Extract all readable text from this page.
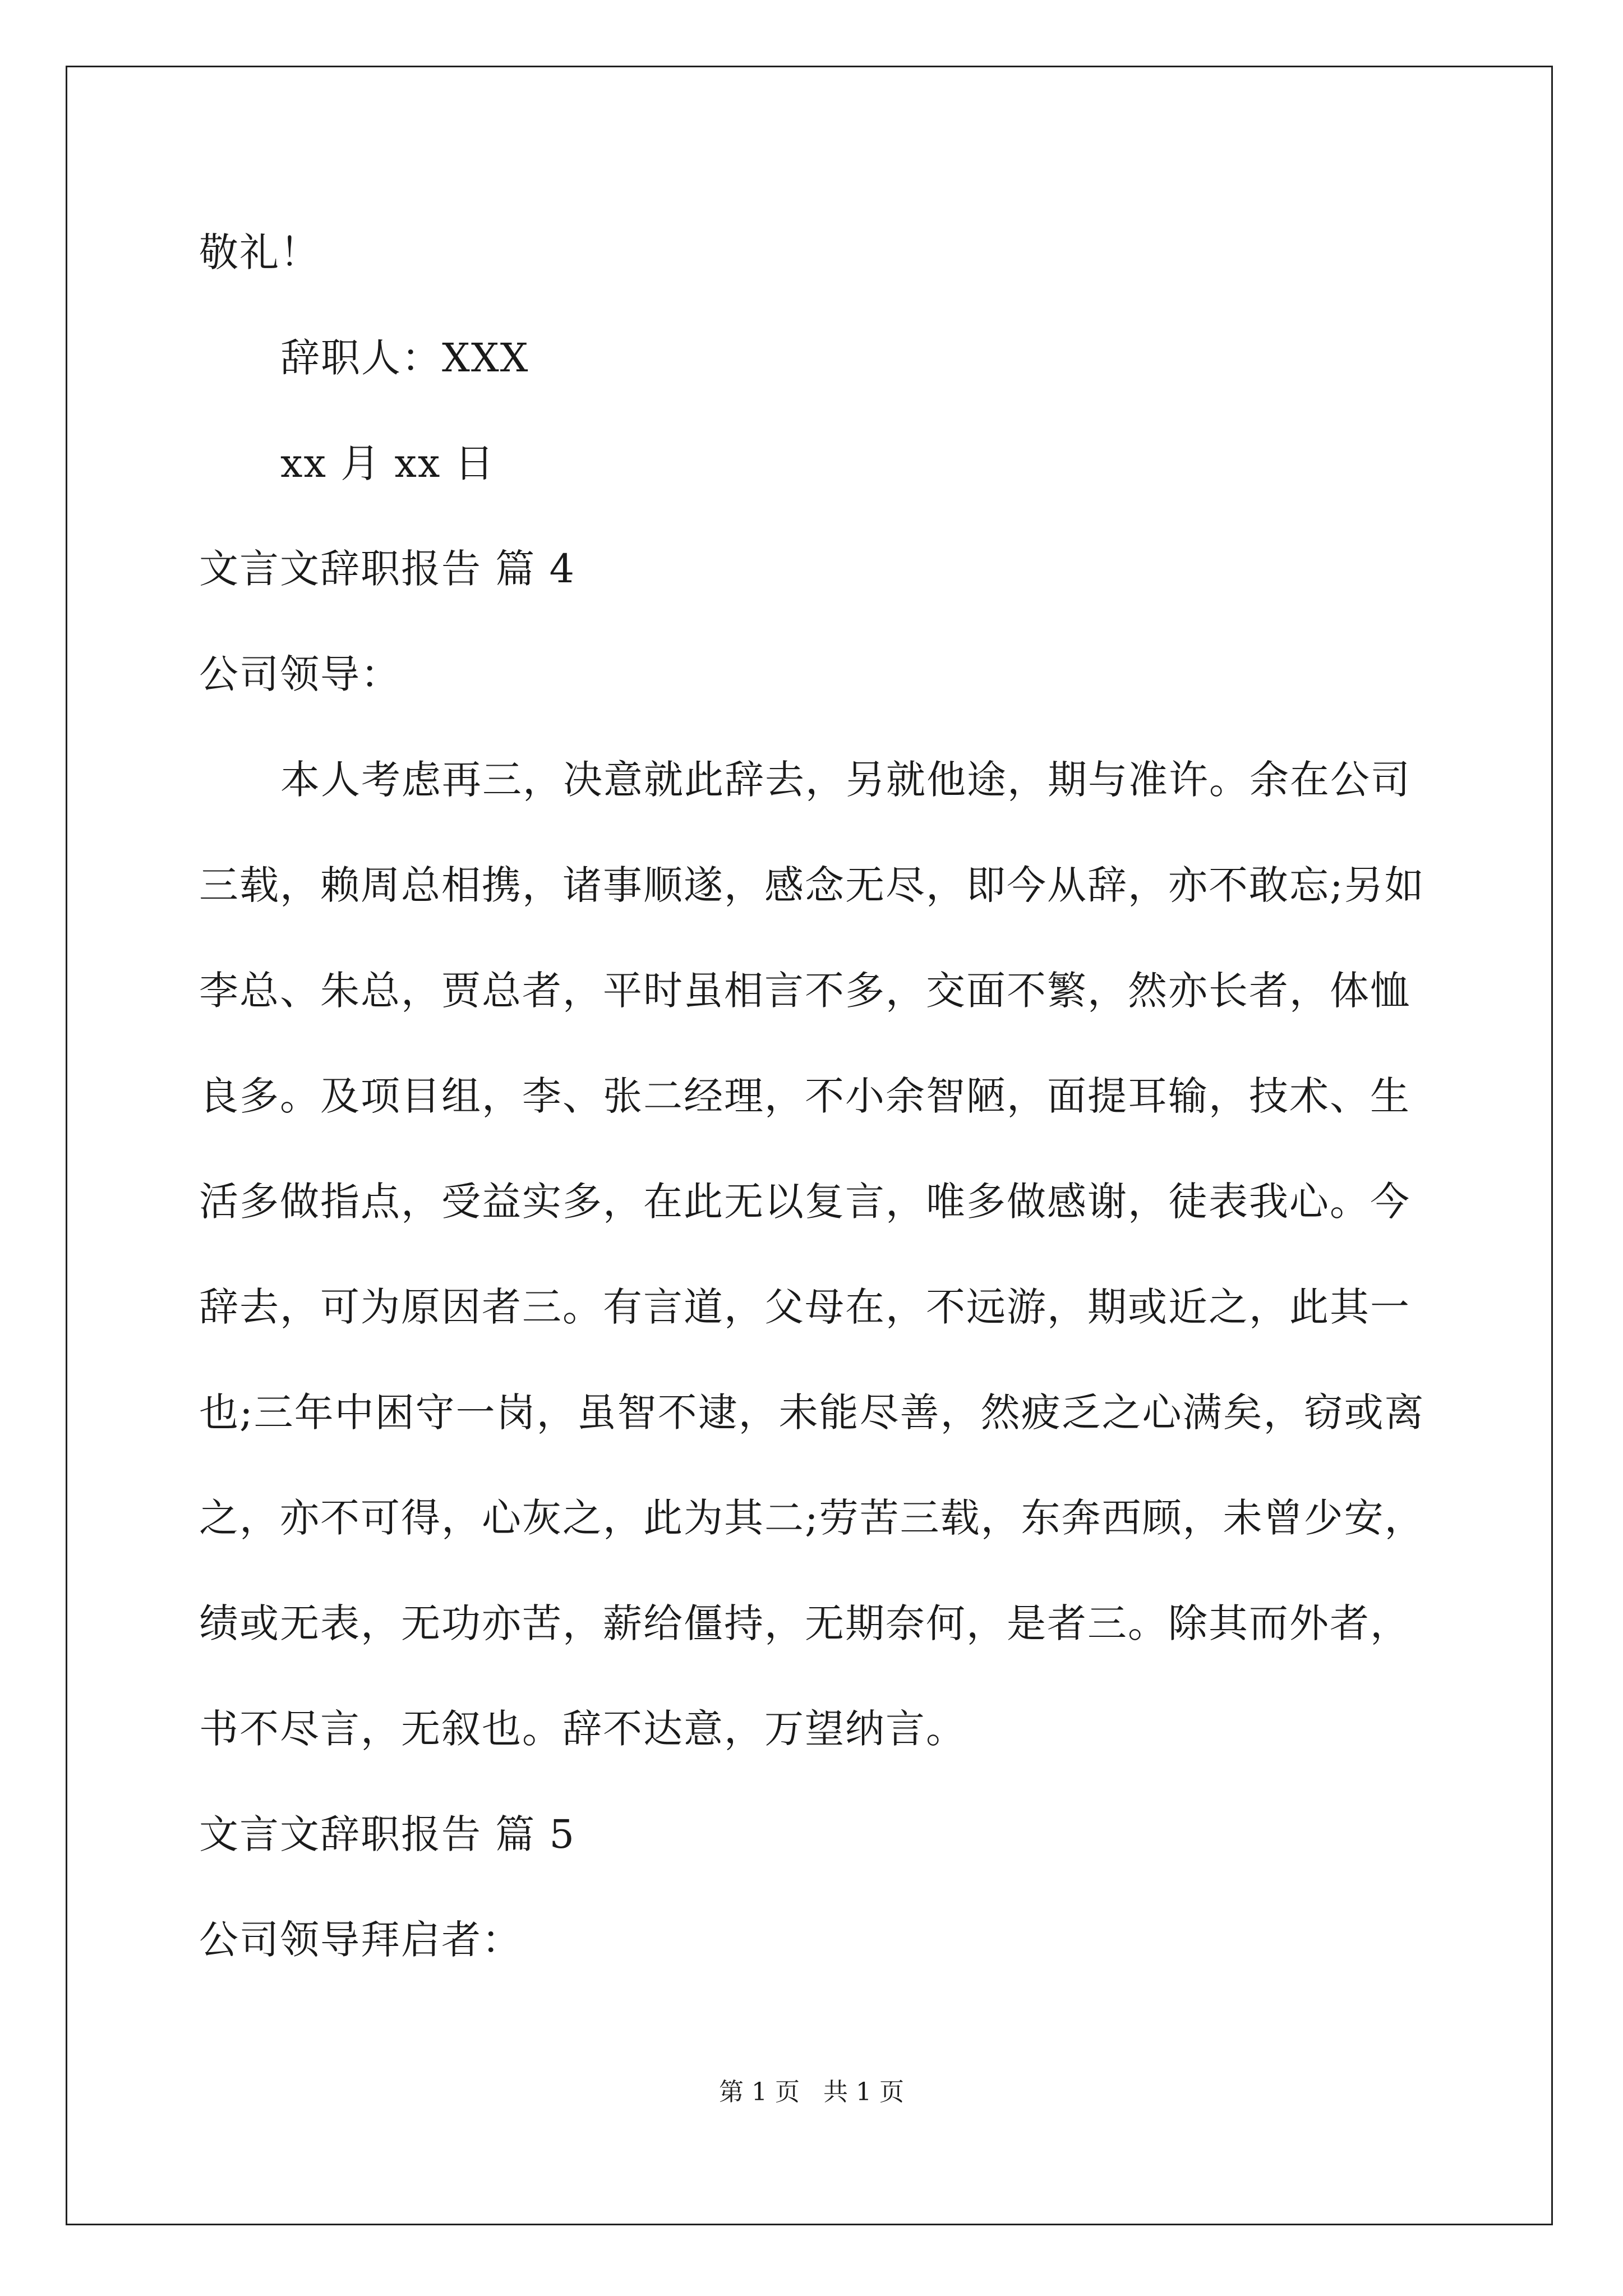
敬礼！
辞职人：XXX
xx 月 xx 日
文言文辞职报告 篇 4
公司领导：
本人考虑再三，决意就此辞去，另就他途，期与准许。余在公司
三载，赖周总相携，诸事顺遂，感念无尽，即今从辞，亦不敢忘;另如
李总、朱总，贾总者，平时虽相言不多，交面不繁，然亦长者，体恤
良多。及项目组，李、张二经理，不小余智陋，面提耳输，技术、生
活多做指点，受益实多，在此无以复言，唯多做感谢，徒表我心。今
辞去，可为原因者三。有言道，父母在，不远游，期或近之，此其一
也;三年中困守一岗，虽智不逮，未能尽善，然疲乏之心满矣，窃或离
之，亦不可得，心灰之，此为其二;劳苦三载，东奔西顾，未曾少安，
绩或无表，无功亦苦，薪给僵持，无期奈何，是者三。除其而外者，
书不尽言，无叙也。辞不达意，万望纳言。
文言文辞职报告 篇 5
公司领导拜启者：
第 1 页   共 1 页
